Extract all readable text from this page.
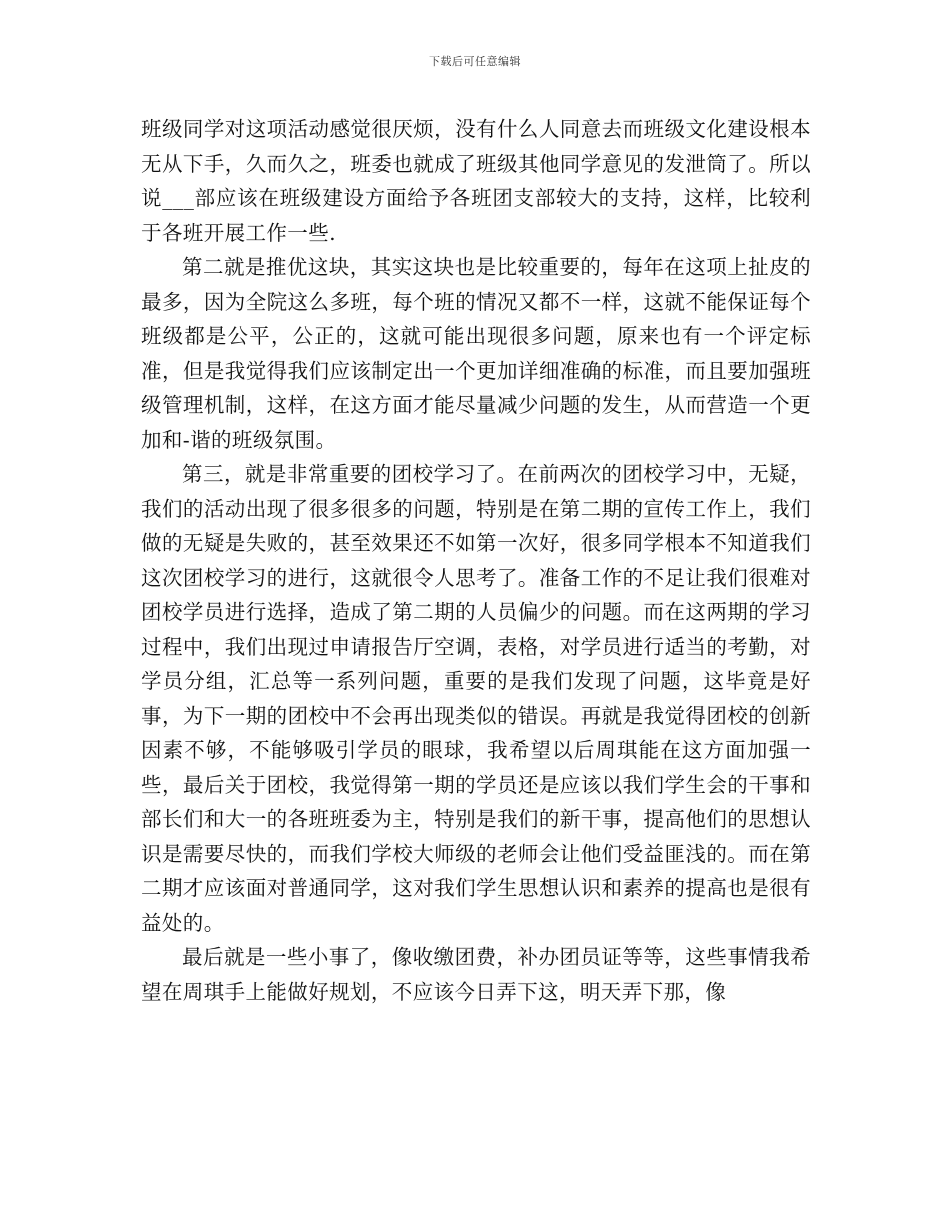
下载后可任意编辑

班级同学对这项活动感觉很厌烦，没有什么人同意去而班级文化建设根本无从下手，久而久之，班委也就成了班级其他同学意见的发泄筒了。所以说___部应该在班级建设方面给予各班团支部较大的支持，这样，比较利于各班开展工作一些.

第二就是推优这块，其实这块也是比较重要的，每年在这项上扯皮的最多，因为全院这么多班，每个班的情况又都不一样，这就不能保证每个班级都是公平，公正的，这就可能出现很多问题，原来也有一个评定标准，但是我觉得我们应该制定出一个更加详细准确的标准，而且要加强班级管理机制，这样，在这方面才能尽量减少问题的发生，从而营造一个更加和-谐的班级氛围。

第三，就是非常重要的团校学习了。在前两次的团校学习中，无疑，我们的活动出现了很多很多的问题，特别是在第二期的宣传工作上，我们做的无疑是失败的，甚至效果还不如第一次好，很多同学根本不知道我们这次团校学习的进行，这就很令人思考了。准备工作的不足让我们很难对团校学员进行选择，造成了第二期的人员偏少的问题。而在这两期的学习过程中，我们出现过申请报告厅空调，表格，对学员进行适当的考勤，对学员分组，汇总等一系列问题，重要的是我们发现了问题，这毕竟是好事，为下一期的团校中不会再出现类似的错误。再就是我觉得团校的创新因素不够，不能够吸引学员的眼球，我希望以后周琪能在这方面加强一些，最后关于团校，我觉得第一期的学员还是应该以我们学生会的干事和部长们和大一的各班班委为主，特别是我们的新干事，提高他们的思想认识是需要尽快的，而我们学校大师级的老师会让他们受益匪浅的。而在第二期才应该面对普通同学，这对我们学生思想认识和素养的提高也是很有益处的。

最后就是一些小事了，像收缴团费，补办团员证等等，这些事情我希望在周琪手上能做好规划，不应该今日弄下这，明天弄下那，像
